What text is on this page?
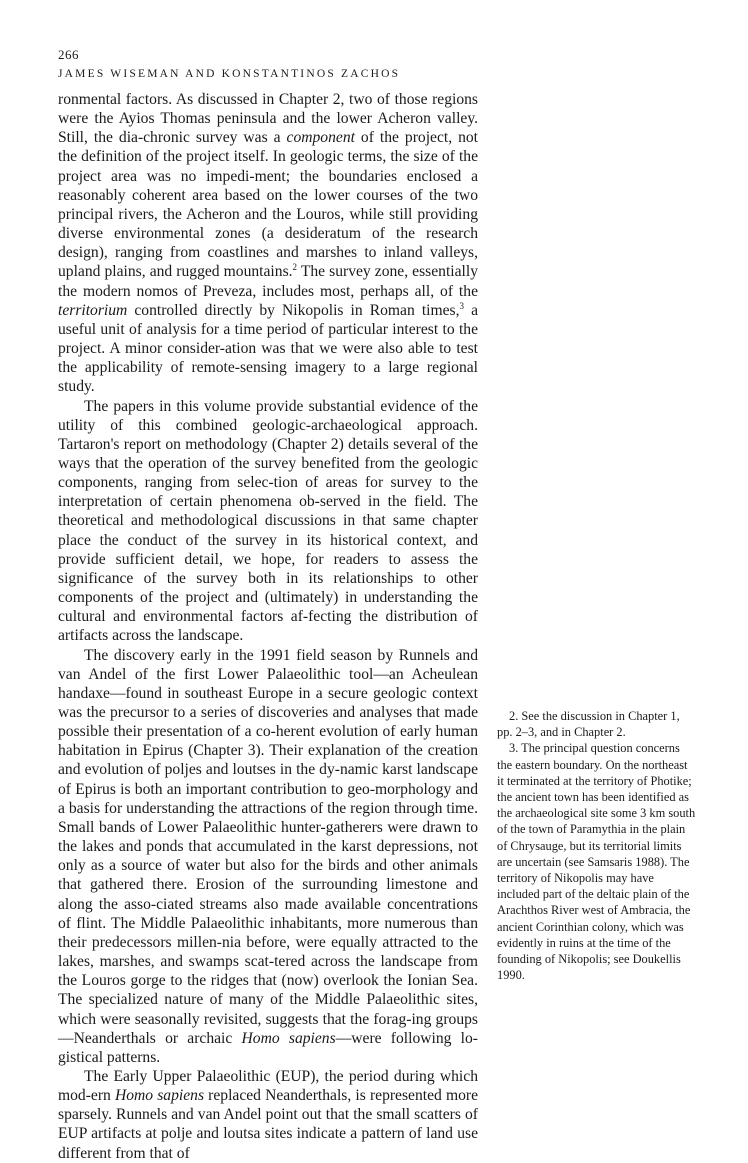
266JAMES WISEMAN AND KONSTANTINOS ZACHOS

ronmental factors. As discussed in Chapter 2, two of those regions were the Ayios Thomas peninsula and the lower Acheron valley. Still, the dia-chronic survey was a component of the project, not the definition of the project itself. In geologic terms, the size of the project area was no impedi-ment; the boundaries enclosed a reasonably coherent area based on the lower courses of the two principal rivers, the Acheron and the Louros, while still providing diverse environmental zones (a desideratum of the research design), ranging from coastlines and marshes to inland valleys, upland plains, and rugged mountains.$^2$ The survey zone, essentially the modern nomos of Preveza, includes most, perhaps all, of the territorium controlled directly by Nikopolis in Roman times,$^3$ a useful unit of analysis for a time period of particular interest to the project. A minor consider-ation was that we were also able to test the applicability of remote-sensing imagery to a large regional study.

The papers in this volume provide substantial evidence of the utility of this combined geologic-archaeological approach. Tartaron's report on methodology (Chapter 2) details several of the ways that the operation of the survey benefited from the geologic components, ranging from selec-tion of areas for survey to the interpretation of certain phenomena ob-served in the field. The theoretical and methodological discussions in that same chapter place the conduct of the survey in its historical context, and provide sufficient detail, we hope, for readers to assess the significance of the survey both in its relationships to other components of the project and (ultimately) in understanding the cultural and environmental factors af-fecting the distribution of artifacts across the landscape.

The discovery early in the 1991 field season by Runnels and van Andel of the first Lower Palaeolithic tool—an Acheulean handaxe—found in southeast Europe in a secure geologic context was the precursor to a series of discoveries and analyses that made possible their presentation of a co-herent evolution of early human habitation in Epirus (Chapter 3). Their explanation of the creation and evolution of poljes and loutses in the dy-namic karst landscape of Epirus is both an important contribution to geo-morphology and a basis for understanding the attractions of the region through time. Small bands of Lower Palaeolithic hunter-gatherers were drawn to the lakes and ponds that accumulated in the karst depressions, not only as a source of water but also for the birds and other animals that gathered there. Erosion of the surrounding limestone and along the asso-ciated streams also made available concentrations of flint. The Middle Palaeolithic inhabitants, more numerous than their predecessors millen-nia before, were equally attracted to the lakes, marshes, and swamps scat-tered across the landscape from the Louros gorge to the ridges that (now) overlook the Ionian Sea. The specialized nature of many of the Middle Palaeolithic sites, which were seasonally revisited, suggests that the forag-ing groups—Neanderthals or archaic Homo sapiens—were following lo-gistical patterns.

The Early Upper Palaeolithic (EUP), the period during which mod-ern Homo sapiens replaced Neanderthals, is represented more sparsely. Runnels and van Andel point out that the small scatters of EUP artifacts at polje and loutsa sites indicate a pattern of land use different from that of

2. See the discussion in Chapter 1, pp. 2–3, and in Chapter 2.

3. The principal question concerns the eastern boundary. On the northeast it terminated at the territory of Photike; the ancient town has been identified as the archaeological site some 3 km south of the town of Paramythia in the plain of Chrysauge, but its territorial limits are uncertain (see Samsaris 1988). The territory of Nikopolis may have included part of the deltaic plain of the Arachthos River west of Ambracia, the ancient Corinthian colony, which was evidently in ruins at the time of the founding of Nikopolis; see Doukellis 1990.
